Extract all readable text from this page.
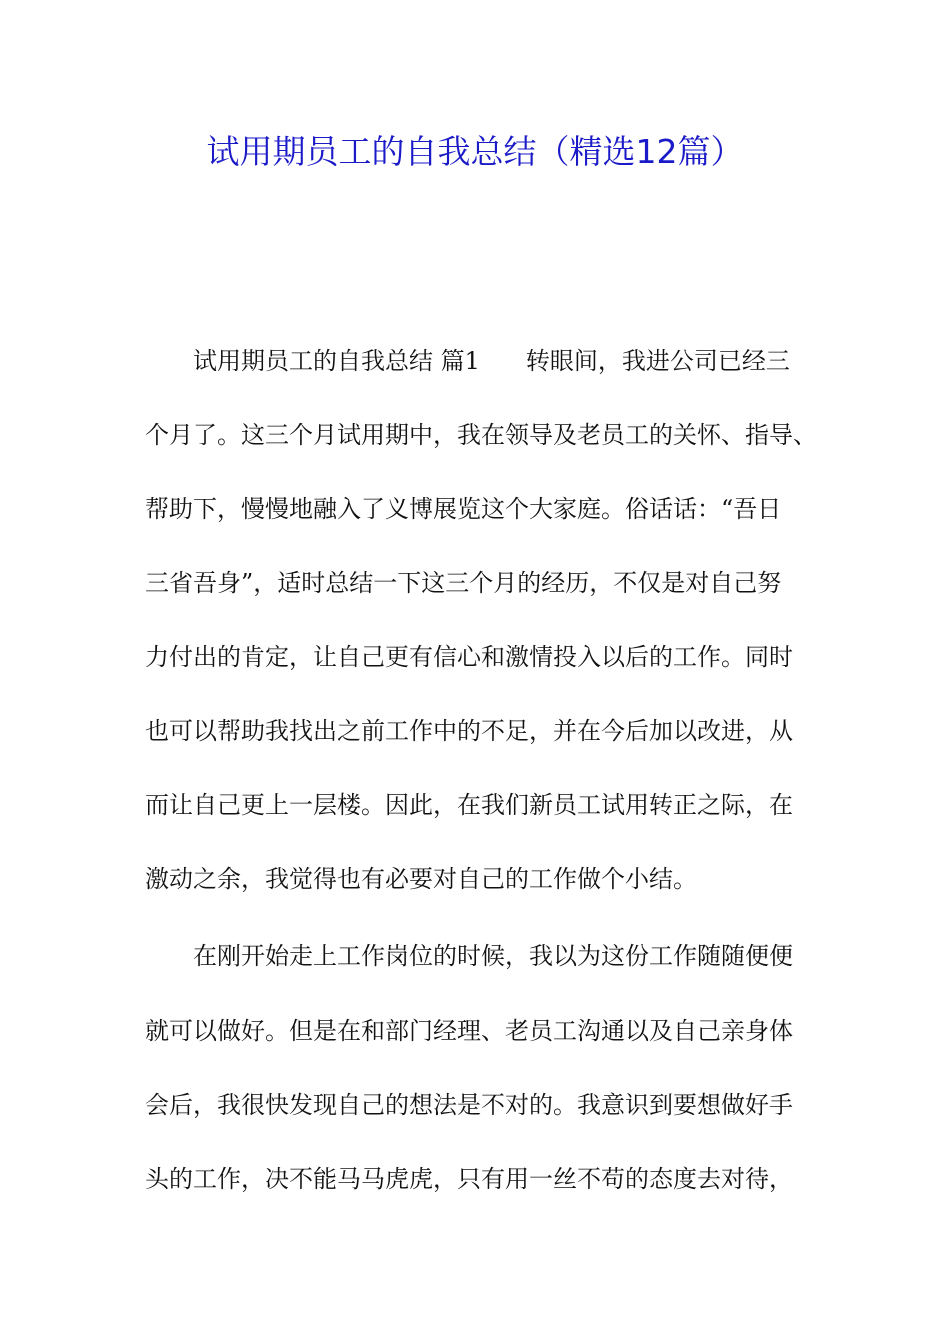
试用期员工的自我总结（精选12篇）
试用期员工的自我总结 篇1 转眼间，我进公司已经三
个月了。这三个月试用期中，我在领导及老员工的关怀、指导、
帮助下，慢慢地融入了义博展览这个大家庭。俗话话：“吾日
三省吾身”，适时总结一下这三个月的经历，不仅是对自己努
力付出的肯定，让自己更有信心和激情投入以后的工作。同时
也可以帮助我找出之前工作中的不足，并在今后加以改进，从
而让自己更上一层楼。因此，在我们新员工试用转正之际，在
激动之余，我觉得也有必要对自己的工作做个小结。
在刚开始走上工作岗位的时候，我以为这份工作随随便便
就可以做好。但是在和部门经理、老员工沟通以及自己亲身体
会后，我很快发现自己的想法是不对的。我意识到要想做好手
头的工作，决不能马马虎虎，只有用一丝不苟的态度去对待，
